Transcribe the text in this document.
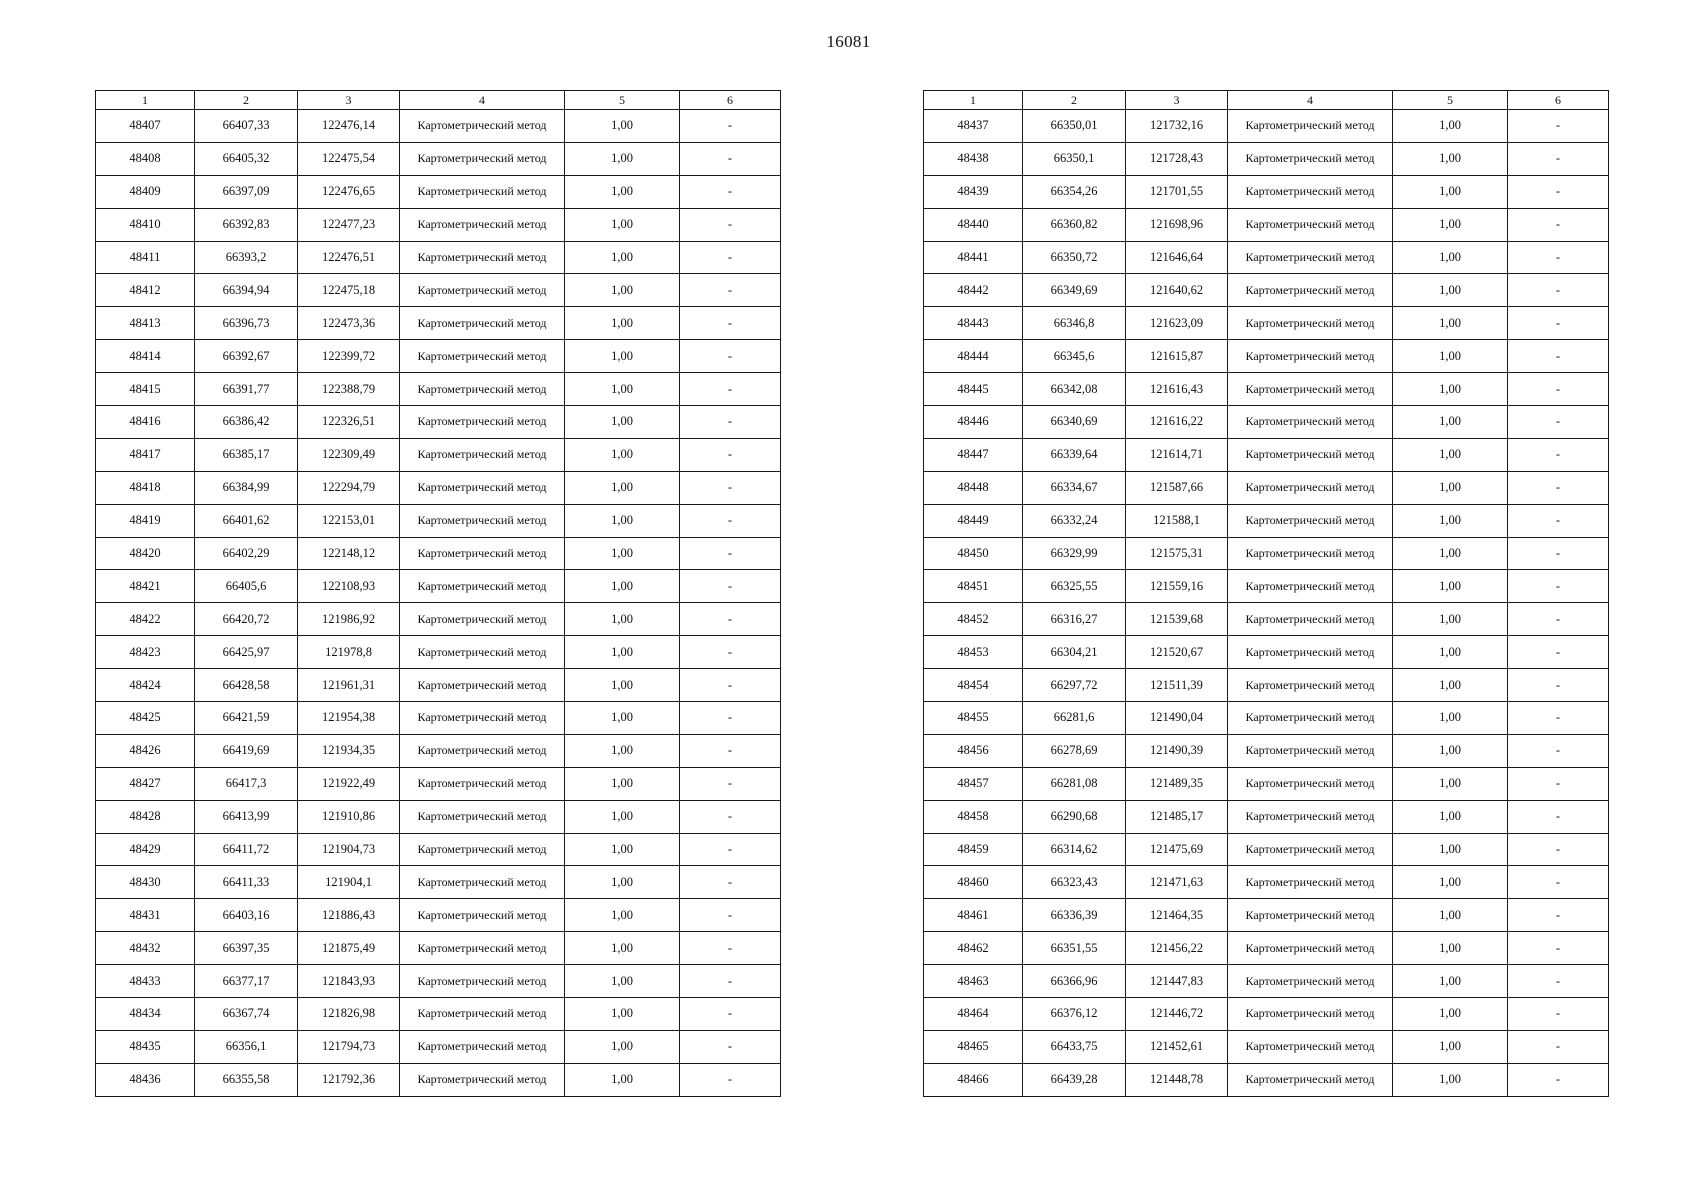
16081
1	2	3	4	5	6
48407	66407,33	122476,14	Картометрический метод	1,00	-
48408	66405,32	122475,54	Картометрический метод	1,00	-
48409	66397,09	122476,65	Картометрический метод	1,00	-
48410	66392,83	122477,23	Картометрический метод	1,00	-
48411	66393,2	122476,51	Картометрический метод	1,00	-
48412	66394,94	122475,18	Картометрический метод	1,00	-
48413	66396,73	122473,36	Картометрический метод	1,00	-
48414	66392,67	122399,72	Картометрический метод	1,00	-
48415	66391,77	122388,79	Картометрический метод	1,00	-
48416	66386,42	122326,51	Картометрический метод	1,00	-
48417	66385,17	122309,49	Картометрический метод	1,00	-
48418	66384,99	122294,79	Картометрический метод	1,00	-
48419	66401,62	122153,01	Картометрический метод	1,00	-
48420	66402,29	122148,12	Картометрический метод	1,00	-
48421	66405,6	122108,93	Картометрический метод	1,00	-
48422	66420,72	121986,92	Картометрический метод	1,00	-
48423	66425,97	121978,8	Картометрический метод	1,00	-
48424	66428,58	121961,31	Картометрический метод	1,00	-
48425	66421,59	121954,38	Картометрический метод	1,00	-
48426	66419,69	121934,35	Картометрический метод	1,00	-
48427	66417,3	121922,49	Картометрический метод	1,00	-
48428	66413,99	121910,86	Картометрический метод	1,00	-
48429	66411,72	121904,73	Картометрический метод	1,00	-
48430	66411,33	121904,1	Картометрический метод	1,00	-
48431	66403,16	121886,43	Картометрический метод	1,00	-
48432	66397,35	121875,49	Картометрический метод	1,00	-
48433	66377,17	121843,93	Картометрический метод	1,00	-
48434	66367,74	121826,98	Картометрический метод	1,00	-
48435	66356,1	121794,73	Картометрический метод	1,00	-
48436	66355,58	121792,36	Картометрический метод	1,00	-
1	2	3	4	5	6
48437	66350,01	121732,16	Картометрический метод	1,00	-
48438	66350,1	121728,43	Картометрический метод	1,00	-
48439	66354,26	121701,55	Картометрический метод	1,00	-
48440	66360,82	121698,96	Картометрический метод	1,00	-
48441	66350,72	121646,64	Картометрический метод	1,00	-
48442	66349,69	121640,62	Картометрический метод	1,00	-
48443	66346,8	121623,09	Картометрический метод	1,00	-
48444	66345,6	121615,87	Картометрический метод	1,00	-
48445	66342,08	121616,43	Картометрический метод	1,00	-
48446	66340,69	121616,22	Картометрический метод	1,00	-
48447	66339,64	121614,71	Картометрический метод	1,00	-
48448	66334,67	121587,66	Картометрический метод	1,00	-
48449	66332,24	121588,1	Картометрический метод	1,00	-
48450	66329,99	121575,31	Картометрический метод	1,00	-
48451	66325,55	121559,16	Картометрический метод	1,00	-
48452	66316,27	121539,68	Картометрический метод	1,00	-
48453	66304,21	121520,67	Картометрический метод	1,00	-
48454	66297,72	121511,39	Картометрический метод	1,00	-
48455	66281,6	121490,04	Картометрический метод	1,00	-
48456	66278,69	121490,39	Картометрический метод	1,00	-
48457	66281,08	121489,35	Картометрический метод	1,00	-
48458	66290,68	121485,17	Картометрический метод	1,00	-
48459	66314,62	121475,69	Картометрический метод	1,00	-
48460	66323,43	121471,63	Картометрический метод	1,00	-
48461	66336,39	121464,35	Картометрический метод	1,00	-
48462	66351,55	121456,22	Картометрический метод	1,00	-
48463	66366,96	121447,83	Картометрический метод	1,00	-
48464	66376,12	121446,72	Картометрический метод	1,00	-
48465	66433,75	121452,61	Картометрический метод	1,00	-
48466	66439,28	121448,78	Картометрический метод	1,00	-
